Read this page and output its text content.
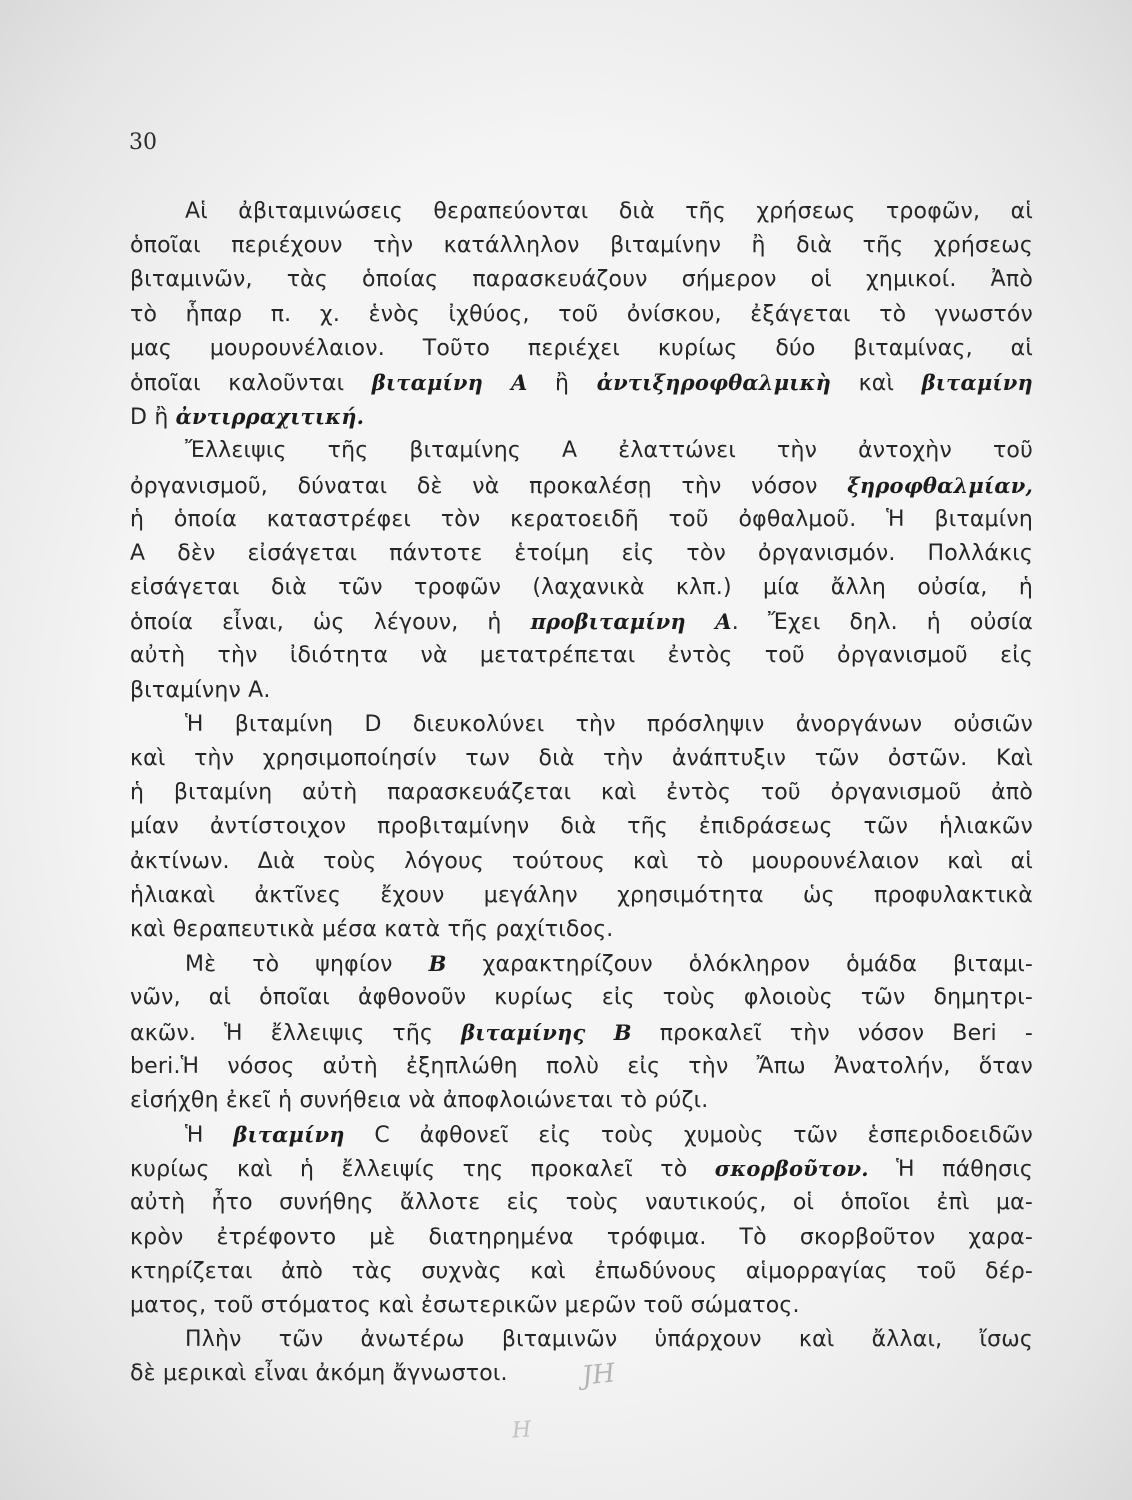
30
Αἱ ἀβιταμινώσεις θεραπεύονται διὰ τῆς χρήσεως τροφῶν, αἱ
ὁποῖαι περιέχουν τὴν κατάλληλον βιταμίνην ἢ διὰ τῆς χρήσεως
βιταμινῶν, τὰς ὁποίας παρασκευάζουν σήμερον οἱ χημικοί. Ἀπὸ
τὸ ἧπαρ π. χ. ἑνὸς ἰχθύος, τοῦ ὀνίσκου, ἐξάγεται τὸ γνωστόν
μας μουρουνέλαιον. Τοῦτο περιέχει κυρίως δύο βιταμίνας, αἱ
ὁποῖαι καλοῦνται βιταμίνη Α ἢ ἀντιξηροφθαλμικὴ καὶ βιταμίνη
D ἢ ἀντιρραχιτική.
Ἔλλειψις τῆς βιταμίνης Α ἐλαττώνει τὴν ἀντοχὴν τοῦ
ὀργανισμοῦ, δύναται δὲ νὰ προκαλέσῃ τὴν νόσον ξηροφθαλμίαν,
ἡ ὁποία καταστρέφει τὸν κερατοειδῆ τοῦ ὀφθαλμοῦ. Ἡ βιταμίνη
Α δὲν εἰσάγεται πάντοτε ἑτοίμη εἰς τὸν ὀργανισμόν. Πολλάκις
εἰσάγεται διὰ τῶν τροφῶν (λαχανικὰ κλπ.) μία ἄλλη οὐσία, ἡ
ὁποία εἶναι, ὡς λέγουν, ἡ προβιταμίνη Α. Ἔχει δηλ. ἡ οὐσία
αὐτὴ τὴν ἰδιότητα νὰ μετατρέπεται ἐντὸς τοῦ ὀργανισμοῦ εἰς
βιταμίνην Α.
Ἡ βιταμίνη D διευκολύνει τὴν πρόσληψιν ἀνοργάνων οὐσιῶν
καὶ τὴν χρησιμοποίησίν των διὰ τὴν ἀνάπτυξιν τῶν ὀστῶν. Καὶ
ἡ βιταμίνη αὐτὴ παρασκευάζεται καὶ ἐντὸς τοῦ ὀργανισμοῦ ἀπὸ
μίαν ἀντίστοιχον προβιταμίνην διὰ τῆς ἐπιδράσεως τῶν ἡλιακῶν
ἀκτίνων. Διὰ τοὺς λόγους τούτους καὶ τὸ μουρουνέλαιον καὶ αἱ
ἡλιακαὶ ἀκτῖνες ἔχουν μεγάλην χρησιμότητα ὡς προφυλακτικὰ
καὶ θεραπευτικὰ μέσα κατὰ τῆς ραχίτιδος.
Μὲ τὸ ψηφίον Β χαρακτηρίζουν ὁλόκληρον ὁμάδα βιταμι-
νῶν, αἱ ὁποῖαι ἀφθονοῦν κυρίως εἰς τοὺς φλοιοὺς τῶν δημητρι-
ακῶν. Ἡ ἔλλειψις τῆς βιταμίνης Β προκαλεῖ τὴν νόσον Beri -
beri.Ἡ νόσος αὐτὴ ἐξηπλώθη πολὺ εἰς τὴν Ἄπω Ἀνατολήν, ὅταν
εἰσήχθη ἐκεῖ ἡ συνήθεια νὰ ἀποφλοιώνεται τὸ ρύζι.
Ἡ βιταμίνη C ἀφθονεῖ εἰς τοὺς χυμοὺς τῶν ἑσπεριδοειδῶν
κυρίως καὶ ἡ ἔλλειψίς της προκαλεῖ τὸ σκορβοῦτον. Ἡ πάθησις
αὐτὴ ἦτο συνήθης ἄλλοτε εἰς τοὺς ναυτικούς, οἱ ὁποῖοι ἐπὶ μα-
κρὸν ἐτρέφοντο μὲ διατηρημένα τρόφιμα. Τὸ σκορβοῦτον χαρα-
κτηρίζεται ἀπὸ τὰς συχνὰς καὶ ἐπωδύνους αἱμορραγίας τοῦ δέρ-
ματος, τοῦ στόματος καὶ ἐσωτερικῶν μερῶν τοῦ σώματος.
Πλὴν τῶν ἀνωτέρω βιταμινῶν ὑπάρχουν καὶ ἄλλαι, ἴσως
δὲ μερικαὶ εἶναι ἀκόμη ἄγνωστοι.	JH
H
